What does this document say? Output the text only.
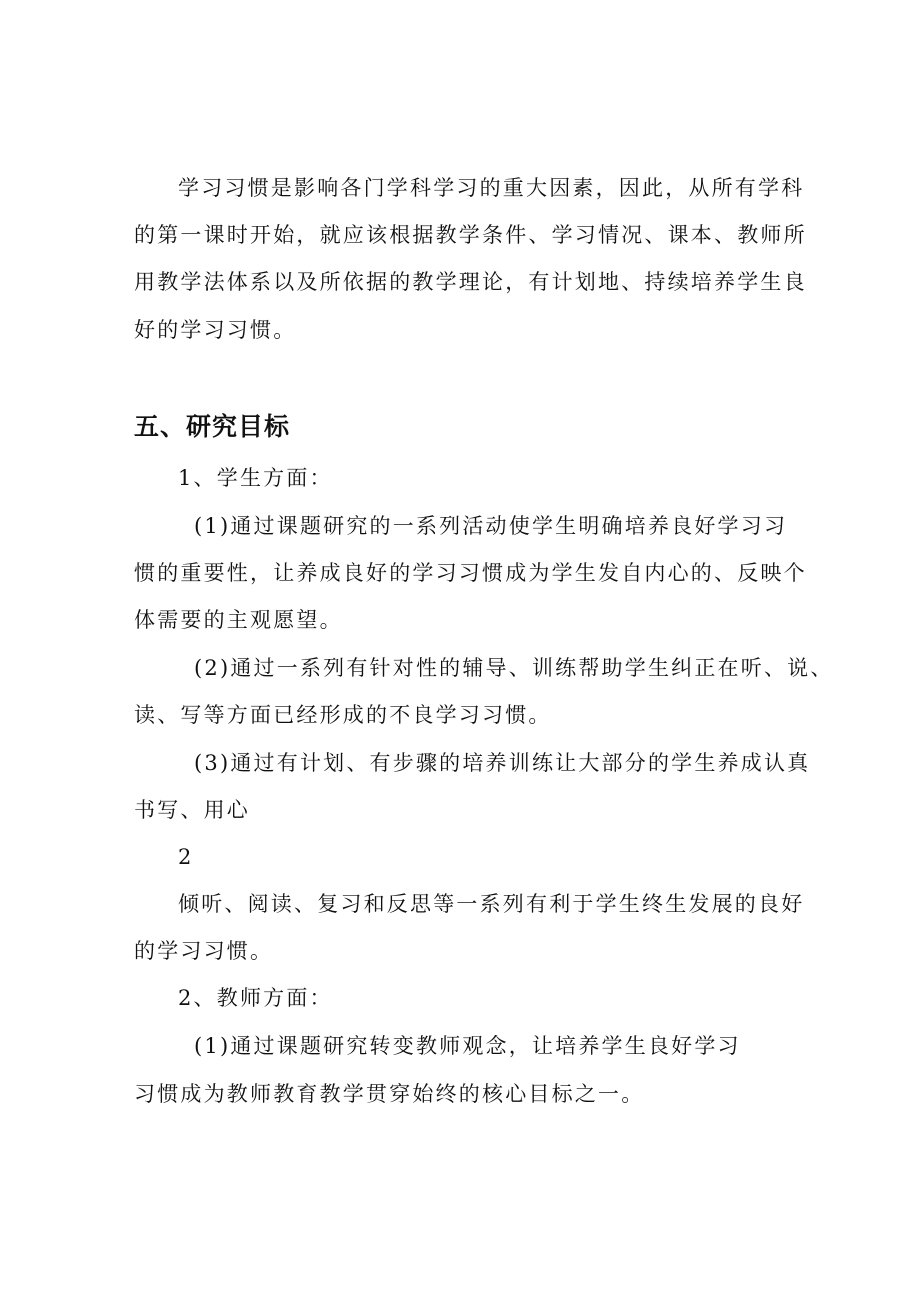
学习习惯是影响各门学科学习的重大因素，因此，从所有学科
的第一课时开始，就应该根据教学条件、学习情况、课本、教师所
用教学法体系以及所依据的教学理论，有计划地、持续培养学生良
好的学习习惯。
五、研究目标
1、学生方面：
(1)通过课题研究的一系列活动使学生明确培养良好学习习
惯的重要性，让养成良好的学习习惯成为学生发自内心的、反映个
体需要的主观愿望。
(2)通过一系列有针对性的辅导、训练帮助学生纠正在听、说、
读、写等方面已经形成的不良学习习惯。
(3)通过有计划、有步骤的培养训练让大部分的学生养成认真
书写、用心
2
倾听、阅读、复习和反思等一系列有利于学生终生发展的良好
的学习习惯。
2、教师方面：
(1)通过课题研究转变教师观念，让培养学生良好学习
习惯成为教师教育教学贯穿始终的核心目标之一。
